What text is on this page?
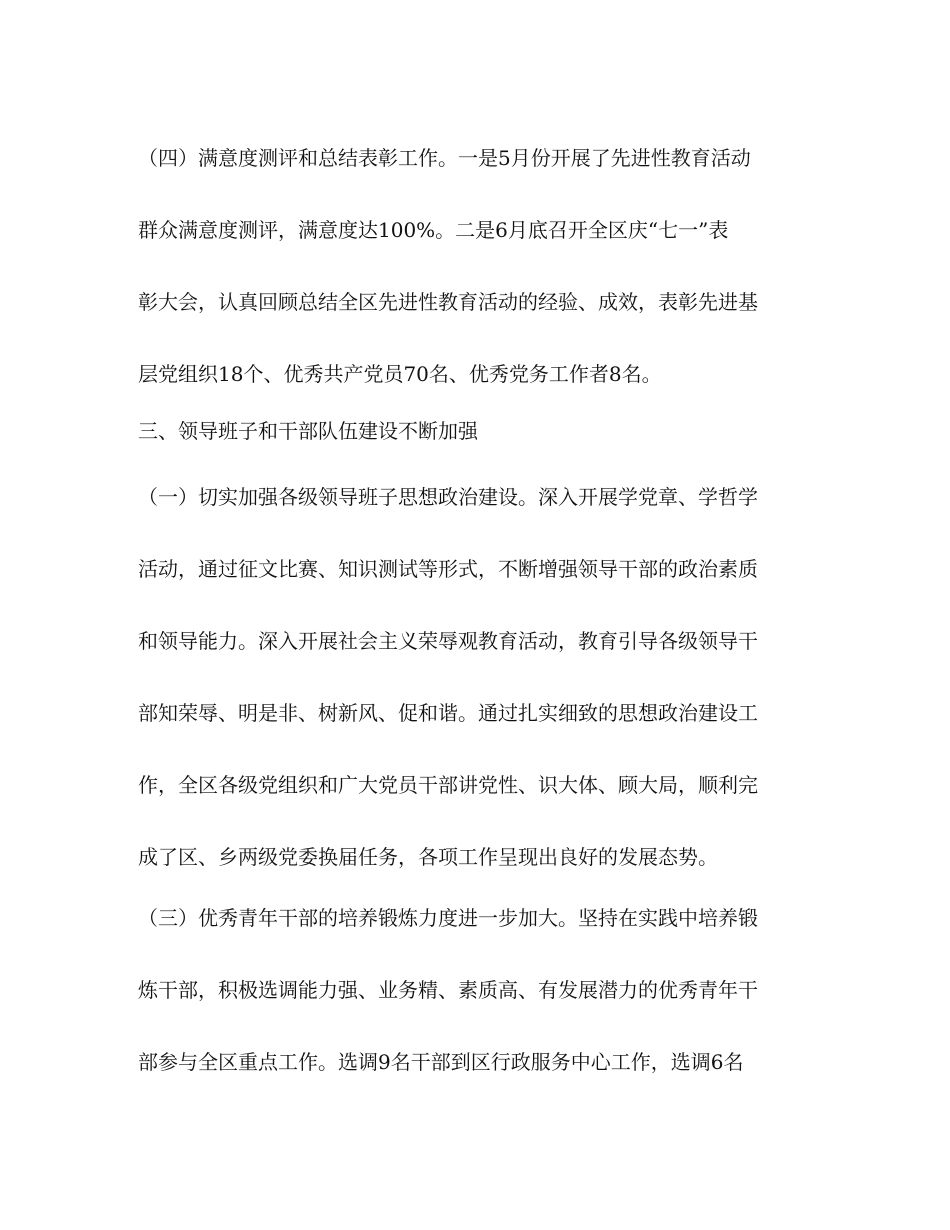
（四）满意度测评和总结表彰工作。一是5月份开展了先进性教育活动
群众满意度测评，满意度达100%。二是6月底召开全区庆“七一”表
彰大会，认真回顾总结全区先进性教育活动的经验、成效，表彰先进基
层党组织18个、优秀共产党员70名、优秀党务工作者8名。
三、领导班子和干部队伍建设不断加强
（一）切实加强各级领导班子思想政治建设。深入开展学党章、学哲学
活动，通过征文比赛、知识测试等形式，不断增强领导干部的政治素质
和领导能力。深入开展社会主义荣辱观教育活动，教育引导各级领导干
部知荣辱、明是非、树新风、促和谐。通过扎实细致的思想政治建设工
作，全区各级党组织和广大党员干部讲党性、识大体、顾大局，顺利完
成了区、乡两级党委换届任务，各项工作呈现出良好的发展态势。
（三）优秀青年干部的培养锻炼力度进一步加大。坚持在实践中培养锻
炼干部，积极选调能力强、业务精、素质高、有发展潜力的优秀青年干
部参与全区重点工作。选调9名干部到区行政服务中心工作，选调6名
